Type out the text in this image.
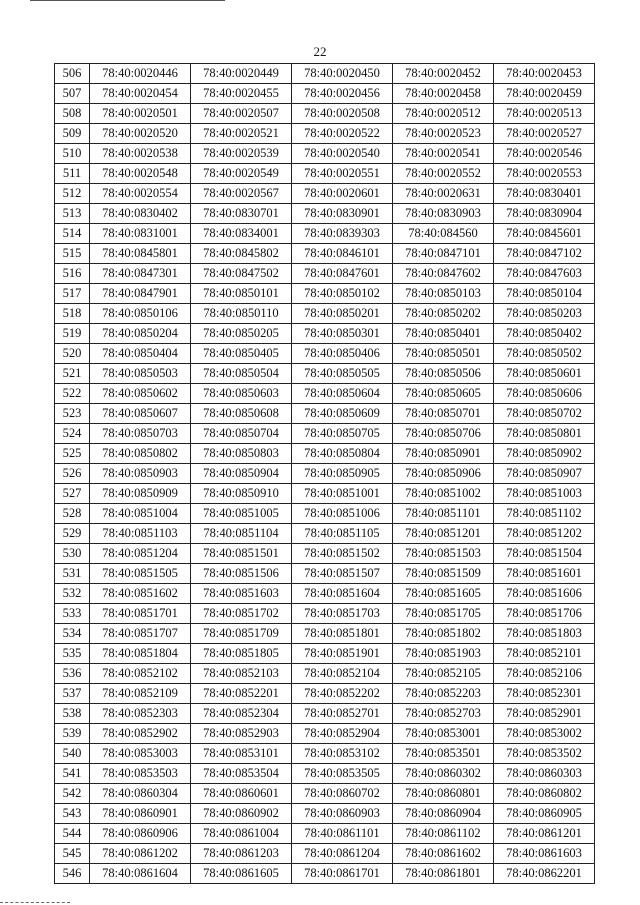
22
506	78:40:0020446	78:40:0020449	78:40:0020450	78:40:0020452	78:40:0020453
507	78:40:0020454	78:40:0020455	78:40:0020456	78:40:0020458	78:40:0020459
508	78:40:0020501	78:40:0020507	78:40:0020508	78:40:0020512	78:40:0020513
509	78:40:0020520	78:40:0020521	78:40:0020522	78:40:0020523	78:40:0020527
510	78:40:0020538	78:40:0020539	78:40:0020540	78:40:0020541	78:40:0020546
511	78:40:0020548	78:40:0020549	78:40:0020551	78:40:0020552	78:40:0020553
512	78:40:0020554	78:40:0020567	78:40:0020601	78:40:0020631	78:40:0830401
513	78:40:0830402	78:40:0830701	78:40:0830901	78:40:0830903	78:40:0830904
514	78:40:0831001	78:40:0834001	78:40:0839303	78:40:084560	78:40:0845601
515	78:40:0845801	78:40:0845802	78:40:0846101	78:40:0847101	78:40:0847102
516	78:40:0847301	78:40:0847502	78:40:0847601	78:40:0847602	78:40:0847603
517	78:40:0847901	78:40:0850101	78:40:0850102	78:40:0850103	78:40:0850104
518	78:40:0850106	78:40:0850110	78:40:0850201	78:40:0850202	78:40:0850203
519	78:40:0850204	78:40:0850205	78:40:0850301	78:40:0850401	78:40:0850402
520	78:40:0850404	78:40:0850405	78:40:0850406	78:40:0850501	78:40:0850502
521	78:40:0850503	78:40:0850504	78:40:0850505	78:40:0850506	78:40:0850601
522	78:40:0850602	78:40:0850603	78:40:0850604	78:40:0850605	78:40:0850606
523	78:40:0850607	78:40:0850608	78:40:0850609	78:40:0850701	78:40:0850702
524	78:40:0850703	78:40:0850704	78:40:0850705	78:40:0850706	78:40:0850801
525	78:40:0850802	78:40:0850803	78:40:0850804	78:40:0850901	78:40:0850902
526	78:40:0850903	78:40:0850904	78:40:0850905	78:40:0850906	78:40:0850907
527	78:40:0850909	78:40:0850910	78:40:0851001	78:40:0851002	78:40:0851003
528	78:40:0851004	78:40:0851005	78:40:0851006	78:40:0851101	78:40:0851102
529	78:40:0851103	78:40:0851104	78:40:0851105	78:40:0851201	78:40:0851202
530	78:40:0851204	78:40:0851501	78:40:0851502	78:40:0851503	78:40:0851504
531	78:40:0851505	78:40:0851506	78:40:0851507	78:40:0851509	78:40:0851601
532	78:40:0851602	78:40:0851603	78:40:0851604	78:40:0851605	78:40:0851606
533	78:40:0851701	78:40:0851702	78:40:0851703	78:40:0851705	78:40:0851706
534	78:40:0851707	78:40:0851709	78:40:0851801	78:40:0851802	78:40:0851803
535	78:40:0851804	78:40:0851805	78:40:0851901	78:40:0851903	78:40:0852101
536	78:40:0852102	78:40:0852103	78:40:0852104	78:40:0852105	78:40:0852106
537	78:40:0852109	78:40:0852201	78:40:0852202	78:40:0852203	78:40:0852301
538	78:40:0852303	78:40:0852304	78:40:0852701	78:40:0852703	78:40:0852901
539	78:40:0852902	78:40:0852903	78:40:0852904	78:40:0853001	78:40:0853002
540	78:40:0853003	78:40:0853101	78:40:0853102	78:40:0853501	78:40:0853502
541	78:40:0853503	78:40:0853504	78:40:0853505	78:40:0860302	78:40:0860303
542	78:40:0860304	78:40:0860601	78:40:0860702	78:40:0860801	78:40:0860802
543	78:40:0860901	78:40:0860902	78:40:0860903	78:40:0860904	78:40:0860905
544	78:40:0860906	78:40:0861004	78:40:0861101	78:40:0861102	78:40:0861201
545	78:40:0861202	78:40:0861203	78:40:0861204	78:40:0861602	78:40:0861603
546	78:40:0861604	78:40:0861605	78:40:0861701	78:40:0861801	78:40:0862201
